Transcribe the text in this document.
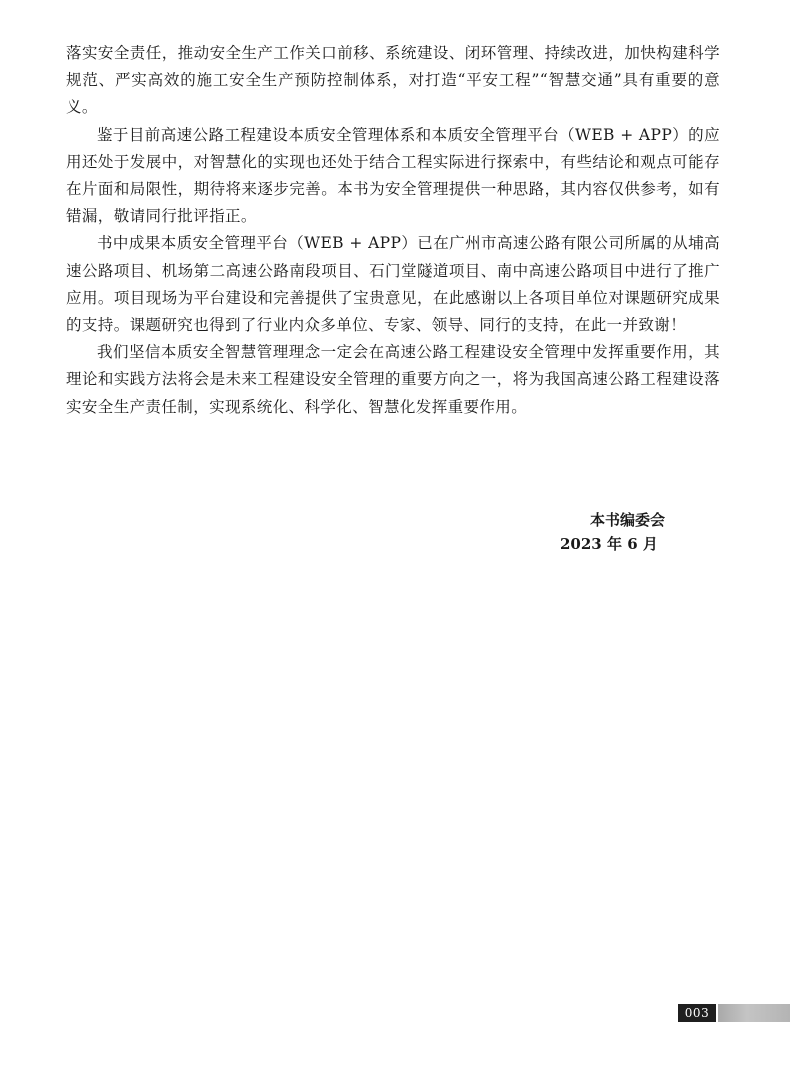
落实安全责任，推动安全生产工作关口前移、系统建设、闭环管理、持续改进，加快构建科学规范、严实高效的施工安全生产预防控制体系，对打造“平安工程”“智慧交通”具有重要的意义。

鉴于目前高速公路工程建设本质安全管理体系和本质安全管理平台（WEB + APP）的应用还处于发展中，对智慧化的实现也还处于结合工程实际进行探索中，有些结论和观点可能存在片面和局限性，期待将来逐步完善。本书为安全管理提供一种思路，其内容仅供参考，如有错漏，敬请同行批评指正。

书中成果本质安全管理平台（WEB + APP）已在广州市高速公路有限公司所属的从埔高速公路项目、机场第二高速公路南段项目、石门堂隧道项目、南中高速公路项目中进行了推广应用。项目现场为平台建设和完善提供了宝贵意见，在此感谢以上各项目单位对课题研究成果的支持。课题研究也得到了行业内众多单位、专家、领导、同行的支持，在此一并致谢！

我们坚信本质安全智慧管理理念一定会在高速公路工程建设安全管理中发挥重要作用，其理论和实践方法将会是未来工程建设安全管理的重要方向之一，将为我国高速公路工程建设落实安全生产责任制，实现系统化、科学化、智慧化发挥重要作用。

本书编委会
2023 年 6 月
003
